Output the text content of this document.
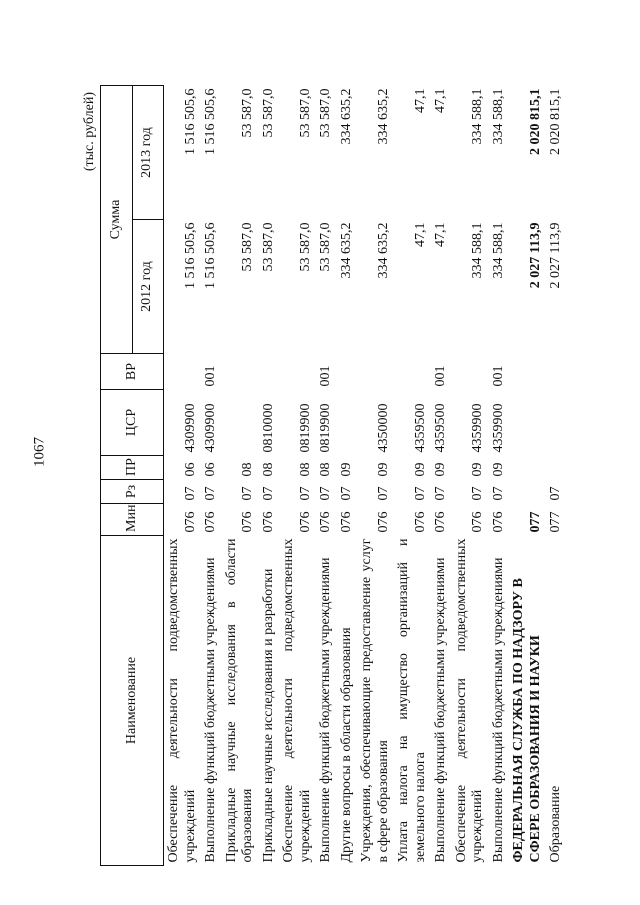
1067
(тыс. рублей)
Наименование	Мин	Рз	ПР	ЦСР	ВР	Сумма	
						2012 год	2013 год
Обеспечение деятельности подведомственных учреждений	076	07	06	4309900		1 516 505,6	1 516 505,6
Выполнение функций бюджетными учреждениями	076	07	06	4309900	001	1 516 505,6	1 516 505,6
Прикладные научные исследования в области образования	076	07	08			53 587,0	53 587,0
Прикладные научные исследования и разработки	076	07	08	0810000		53 587,0	53 587,0
Обеспечение деятельности подведомственных учреждений	076	07	08	0819900		53 587,0	53 587,0
Выполнение функций бюджетными учреждениями	076	07	08	0819900	001	53 587,0	53 587,0
Другие вопросы в области образования	076	07	09			334 635,2	334 635,2
Учреждения, обеспечивающие предоставление услуг в сфере образования	076	07	09	4350000		334 635,2	334 635,2
Уплата налога на имущество организаций и земельного налога	076	07	09	4359500		47,1	47,1
Выполнение функций бюджетными учреждениями	076	07	09	4359500	001	47,1	47,1
Обеспечение деятельности подведомственных учреждений	076	07	09	4359900		334 588,1	334 588,1
Выполнение функций бюджетными учреждениями	076	07	09	4359900	001	334 588,1	334 588,1
ФЕДЕРАЛЬНАЯ СЛУЖБА ПО НАДЗОРУ В СФЕРЕ ОБРАЗОВАНИЯ И НАУКИ	077					2 027 113,9	2 020 815,1
Образование	077	07				2 027 113,9	2 020 815,1
